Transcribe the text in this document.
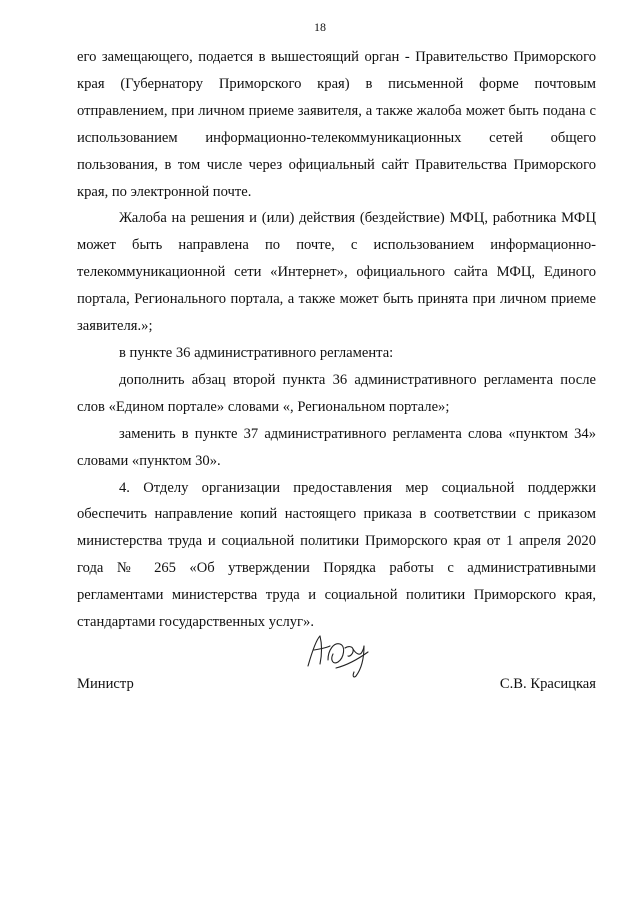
18

его замещающего, подается в вышестоящий орган - Правительство Приморского края (Губернатору Приморского края) в письменной форме почтовым отправлением, при личном приеме заявителя, а также жалоба может быть подана с использованием информационно-телекоммуникационных сетей общего пользования, в том числе через официальный сайт Правительства Приморского края, по электронной почте.

Жалоба на решения и (или) действия (бездействие) МФЦ, работника МФЦ может быть направлена по почте, с использованием информационно-телекоммуникационной сети «Интернет», официального сайта МФЦ, Единого портала, Регионального портала, а также может быть принята при личном приеме заявителя.»;

в пункте 36 административного регламента:

дополнить абзац второй пункта 36 административного регламента после слов «Едином портале» словами «, Региональном портале»;

заменить в пункте 37 административного регламента слова «пунктом 34» словами «пунктом 30».

4. Отделу организации предоставления мер социальной поддержки обеспечить направление копий настоящего приказа в соответствии с приказом министерства труда и социальной политики Приморского края от 1 апреля 2020 года № 265 «Об утверждении Порядка работы с административными регламентами министерства труда и социальной политики Приморского края, стандартами государственных услуг».

Министр	С.В. Красицкая
